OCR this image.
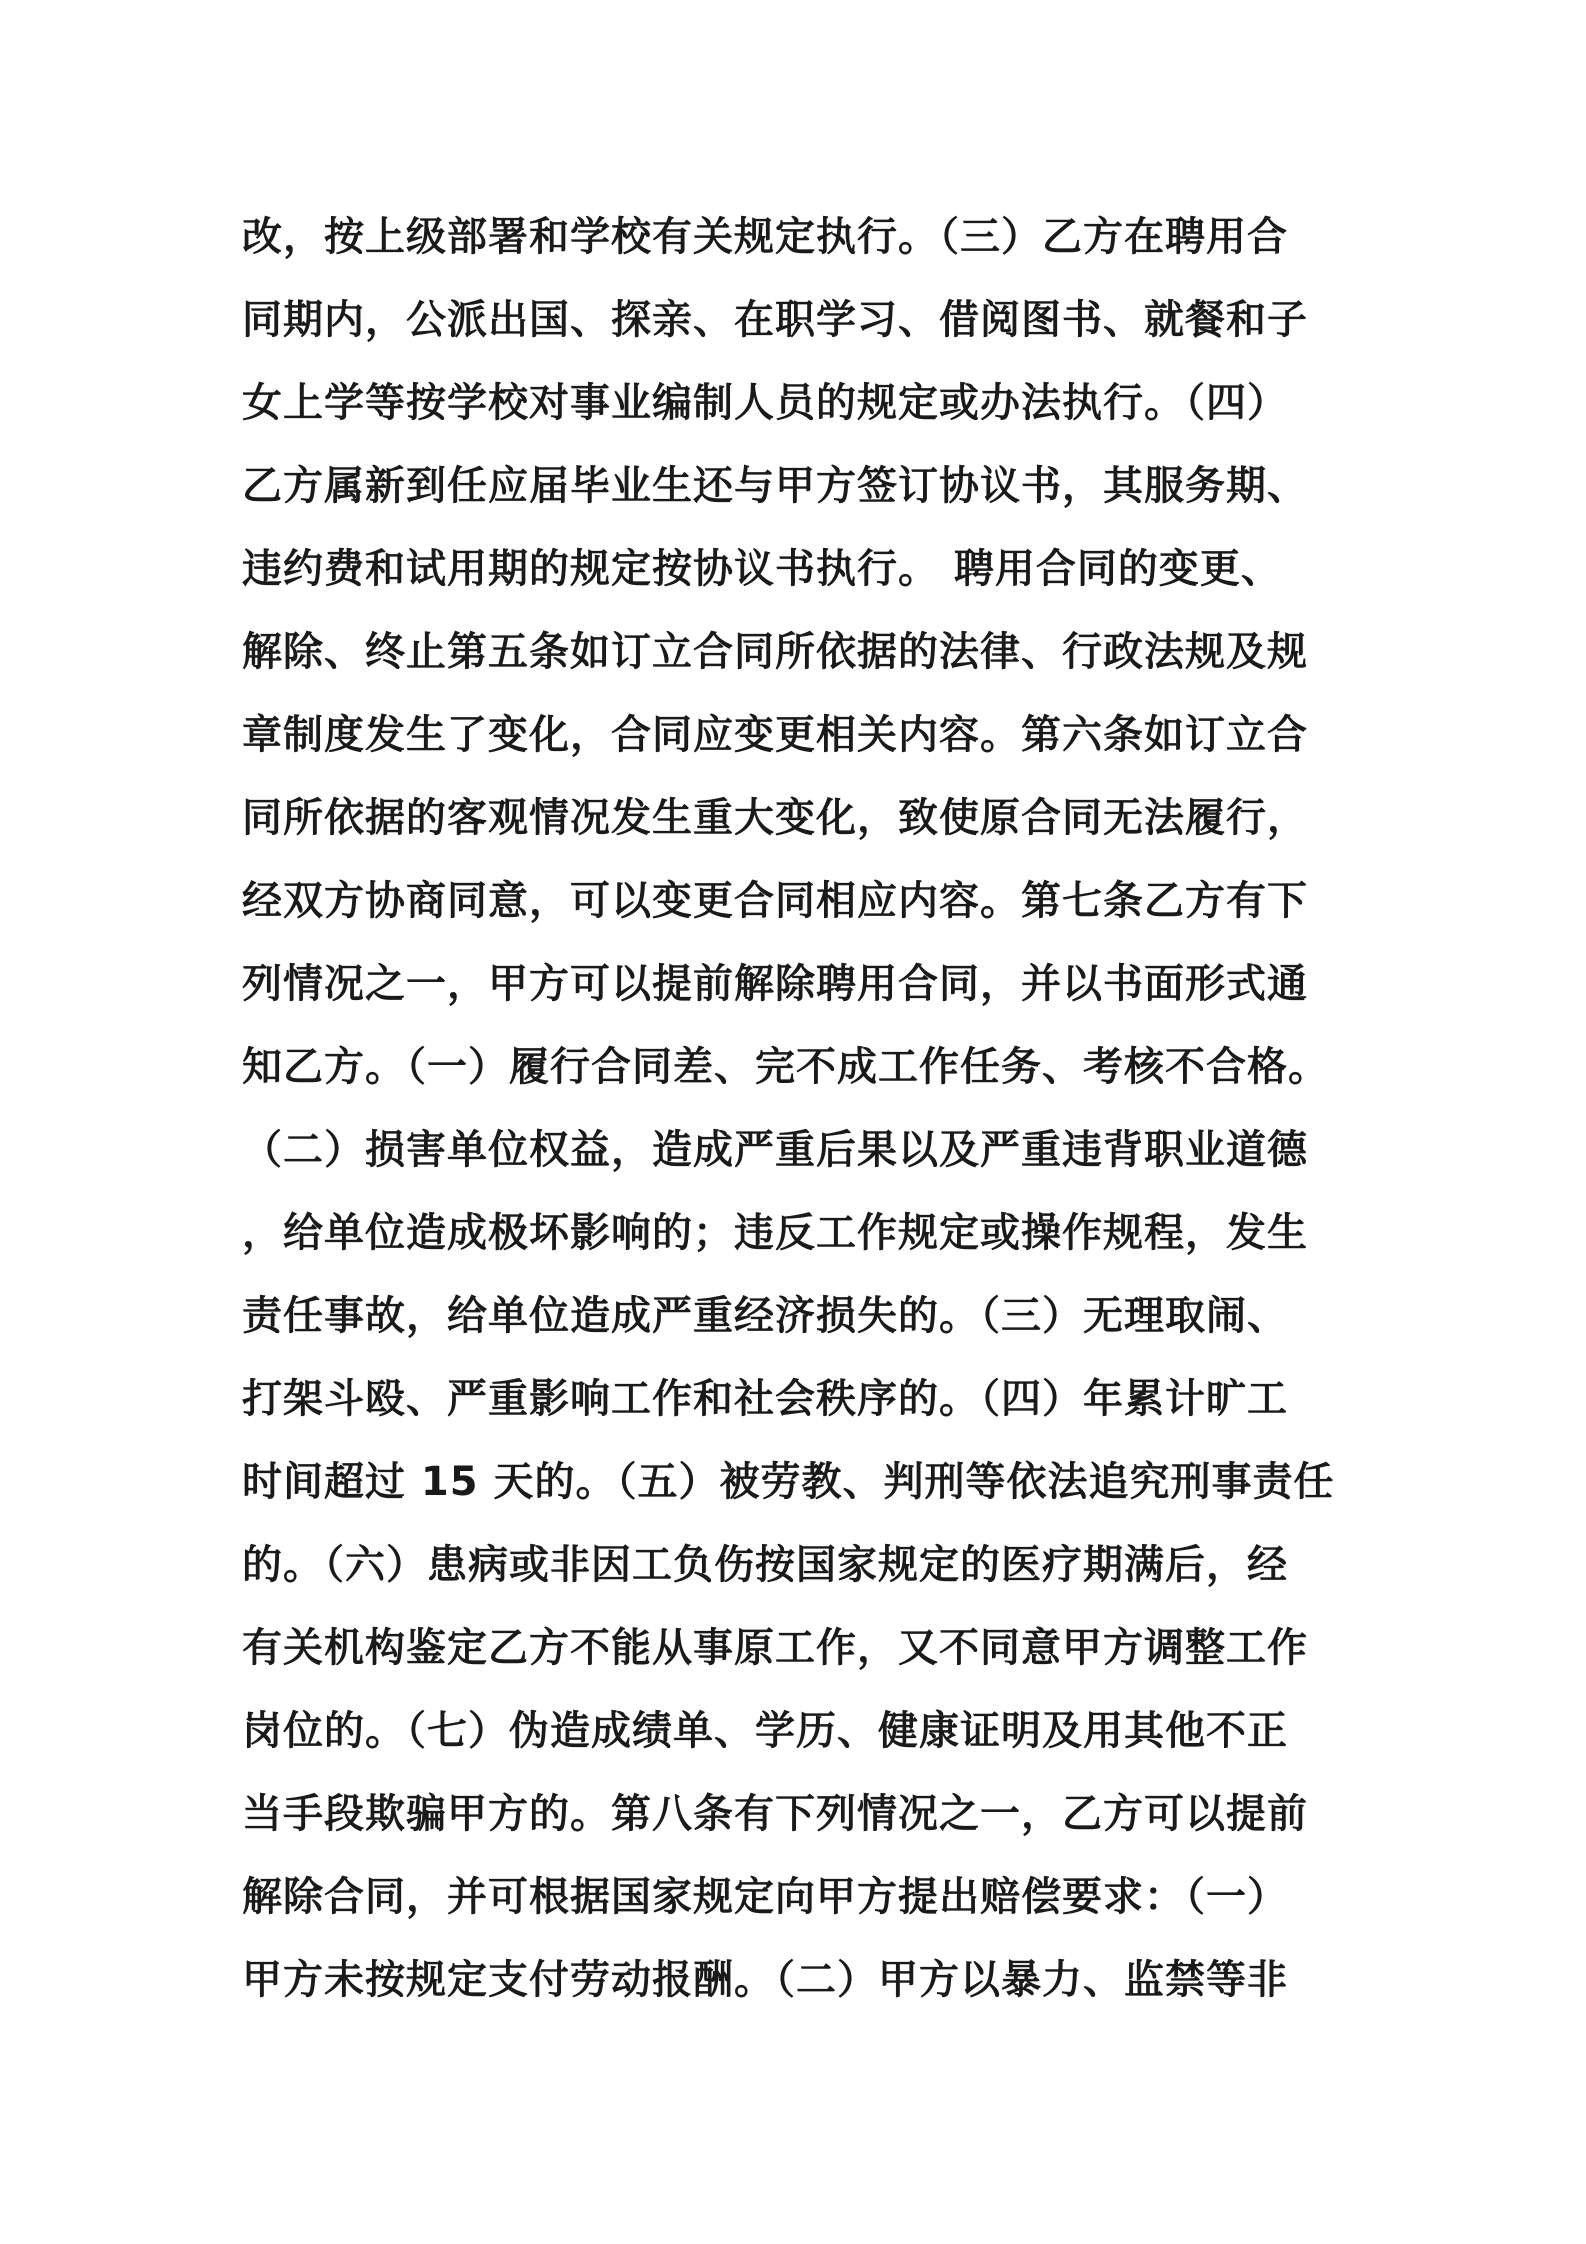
改，按上级部署和学校有关规定执行。（三）乙方在聘用合
同期内，公派出国、探亲、在职学习、借阅图书、就餐和子
女上学等按学校对事业编制人员的规定或办法执行。（四）
乙方属新到任应届毕业生还与甲方签订协议书，其服务期、
违约费和试用期的规定按协议书执行。 聘用合同的变更、
解除、终止第五条如订立合同所依据的法律、行政法规及规
章制度发生了变化，合同应变更相关内容。第六条如订立合
同所依据的客观情况发生重大变化，致使原合同无法履行，
经双方协商同意，可以变更合同相应内容。第七条乙方有下
列情况之一，甲方可以提前解除聘用合同，并以书面形式通
知乙方。（一）履行合同差、完不成工作任务、考核不合格。
（二）损害单位权益，造成严重后果以及严重违背职业道德
，给单位造成极坏影响的；违反工作规定或操作规程，发生
责任事故，给单位造成严重经济损失的。（三）无理取闹、
打架斗殴、严重影响工作和社会秩序的。（四）年累计旷工
时间超过 15 天的。（五）被劳教、判刑等依法追究刑事责任
的。（六）患病或非因工负伤按国家规定的医疗期满后，经
有关机构鉴定乙方不能从事原工作，又不同意甲方调整工作
岗位的。（七）伪造成绩单、学历、健康证明及用其他不正
当手段欺骗甲方的。第八条有下列情况之一，乙方可以提前
解除合同，并可根据国家规定向甲方提出赔偿要求：（一）
甲方未按规定支付劳动报酬。（二）甲方以暴力、监禁等非
